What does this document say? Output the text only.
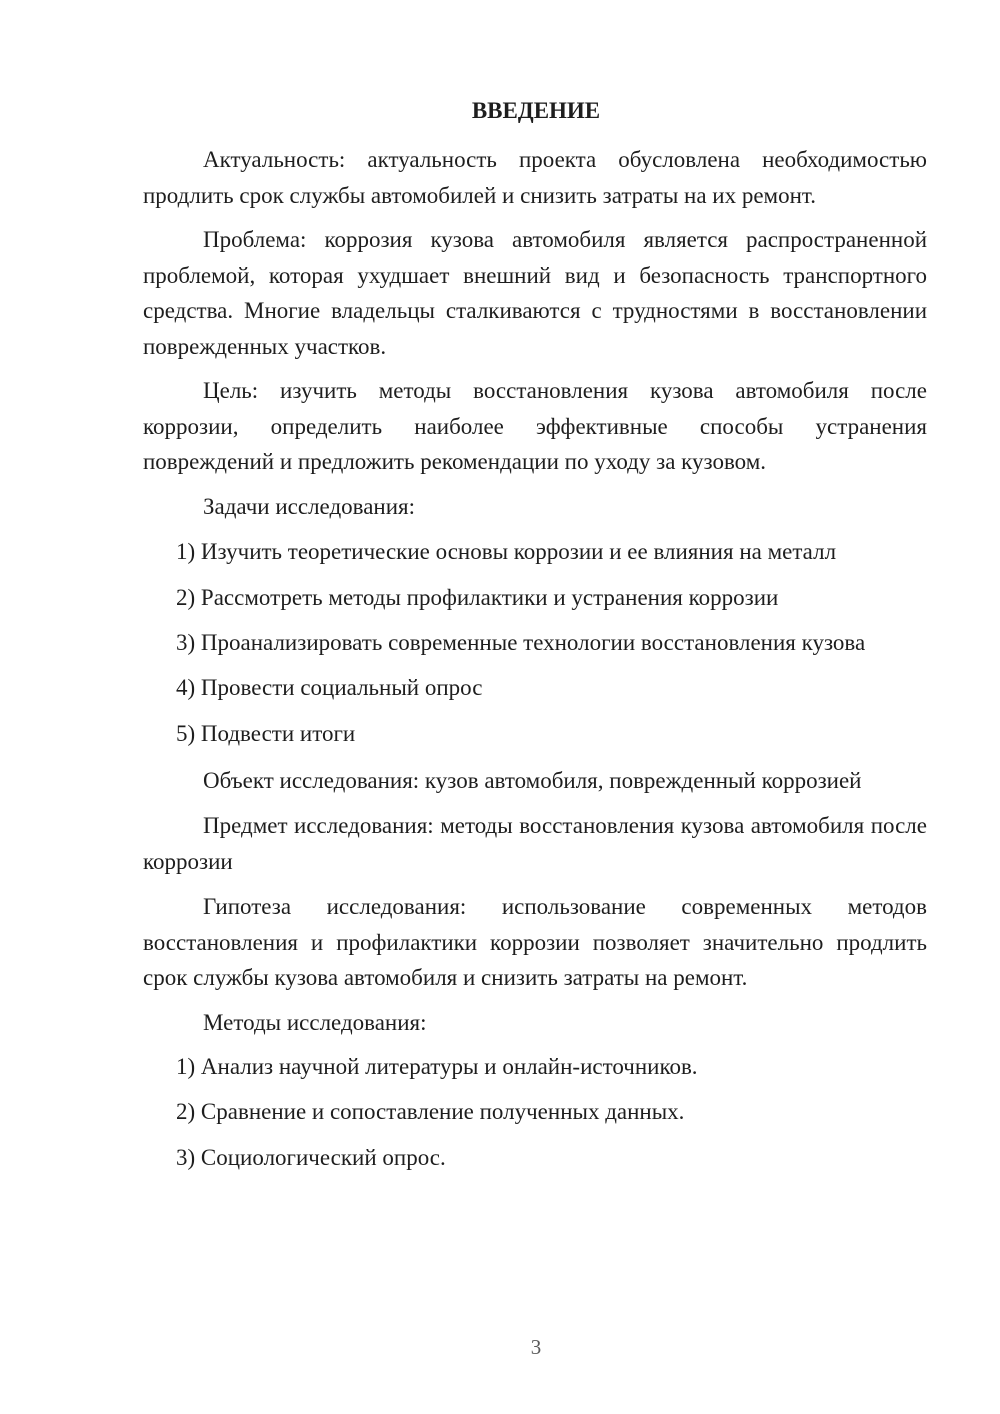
ВВЕДЕНИЕ

Актуальность: актуальность проекта обусловлена необходимостью продлить срок службы автомобилей и снизить затраты на их ремонт.

Проблема: коррозия кузова автомобиля является распространенной проблемой, которая ухудшает внешний вид и безопасность транспортного средства. Многие владельцы сталкиваются с трудностями в восстановлении поврежденных участков.

Цель: изучить методы восстановления кузова автомобиля после коррозии, определить наиболее эффективные способы устранения повреждений и предложить рекомендации по уходу за кузовом.

Задачи исследования:

1) Изучить теоретические основы коррозии и ее влияния на металл
2) Рассмотреть методы профилактики и устранения коррозии
3) Проанализировать современные технологии восстановления кузова
4) Провести социальный опрос
5) Подвести итоги

Объект исследования: кузов автомобиля, поврежденный коррозией

Предмет исследования: методы восстановления кузова автомобиля после коррозии

Гипотеза исследования: использование современных методов восстановления и профилактики коррозии позволяет значительно продлить срок службы кузова автомобиля и снизить затраты на ремонт.

Методы исследования:

1) Анализ научной литературы и онлайн-источников.
2) Сравнение и сопоставление полученных данных.
3) Социологический опрос.
3
